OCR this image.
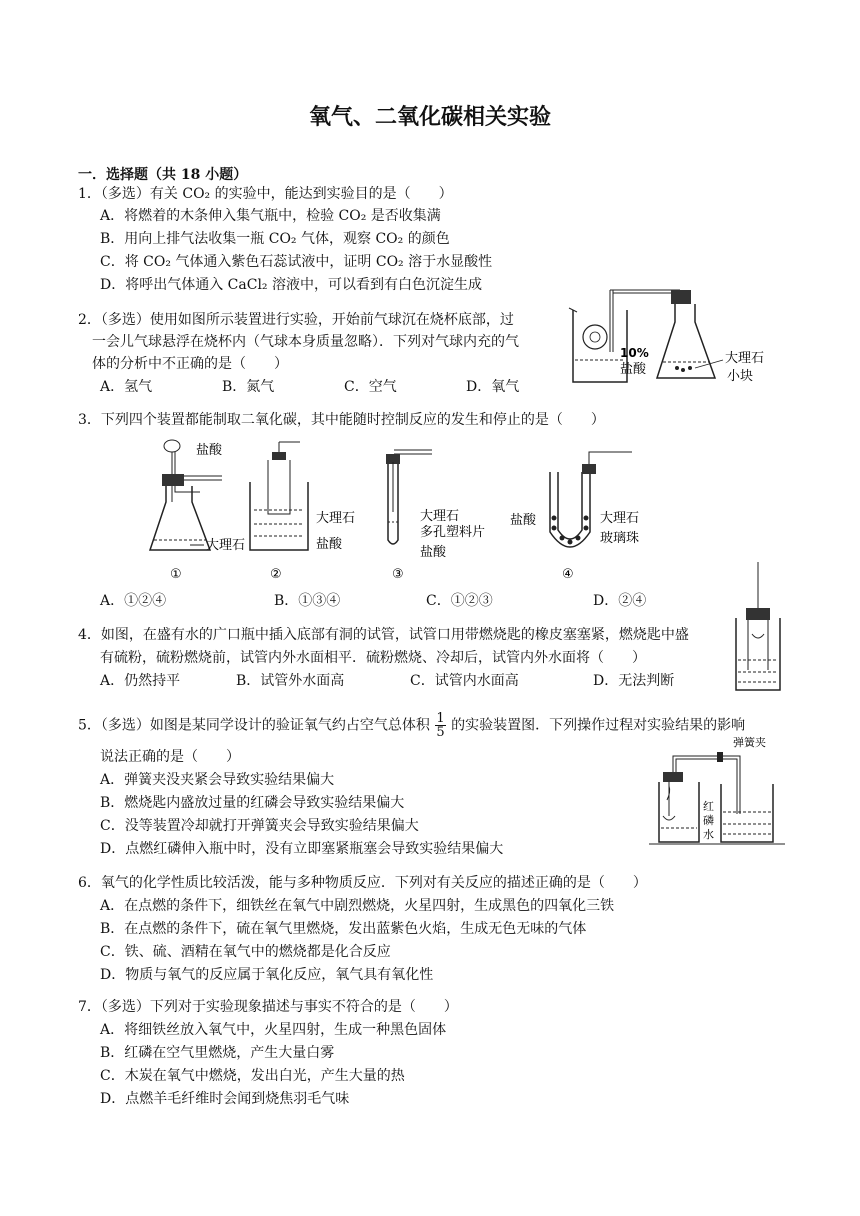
氧气、二氧化碳相关实验
一．选择题（共 18 小题）
1．（多选）有关 CO₂ 的实验中，能达到实验目的是（　　）
A．将燃着的木条伸入集气瓶中，检验 CO₂ 是否收集满
B．用向上排气法收集一瓶 CO₂ 气体，观察 CO₂ 的颜色
C．将 CO₂ 气体通入紫色石蕊试液中，证明 CO₂ 溶于水显酸性
D．将呼出气体通入 CaCl₂ 溶液中，可以看到有白色沉淀生成
2．（多选）使用如图所示装置进行实验，开始前气球沉在烧杯底部，过
一会儿气球悬浮在烧杯内（气球本身质量忽略）．下列对气球内充的气
体的分析中不正确的是（　　）
A．氢气	B．氮气	C．空气	D．氧气
10%
盐酸
大理石
小块
3．下列四个装置都能制取二氧化碳，其中能随时控制反应的发生和停止的是（　　）
盐酸
大理石
大理石
盐酸
大理石
多孔塑料片
盐酸
盐酸	大理石
玻璃珠
①	②	③	④
A．①②④	B．①③④	C．①②③	D．②④
4．如图，在盛有水的广口瓶中插入底部有洞的试管，试管口用带燃烧匙的橡皮塞塞紧，燃烧匙中盛
有硫粉，硫粉燃烧前，试管内外水面相平．硫粉燃烧、冷却后，试管内外水面将（　　）
A．仍然持平	B．试管外水面高	C．试管内水面高	D．无法判断
5．（多选）如图是某同学设计的验证氧气约占空气总体积 $\frac{1}{5}$ 的实验装置图．下列操作过程对实验结果的影响
说法正确的是（　　）
A．弹簧夹没夹紧会导致实验结果偏大
B．燃烧匙内盛放过量的红磷会导致实验结果偏大
C．没等装置冷却就打开弹簧夹会导致实验结果偏大
D．点燃红磷伸入瓶中时，没有立即塞紧瓶塞会导致实验结果偏大
弹簧夹
红
磷
水
6．氧气的化学性质比较活泼，能与多种物质反应．下列对有关反应的描述正确的是（　　）
A．在点燃的条件下，细铁丝在氧气中剧烈燃烧，火星四射，生成黑色的四氧化三铁
B．在点燃的条件下，硫在氧气里燃烧，发出蓝紫色火焰，生成无色无味的气体
C．铁、硫、酒精在氧气中的燃烧都是化合反应
D．物质与氧气的反应属于氧化反应，氧气具有氧化性
7．（多选）下列对于实验现象描述与事实不符合的是（　　）
A．将细铁丝放入氧气中，火星四射，生成一种黑色固体
B．红磷在空气里燃烧，产生大量白雾
C．木炭在氧气中燃烧，发出白光，产生大量的热
D．点燃羊毛纤维时会闻到烧焦羽毛气味
